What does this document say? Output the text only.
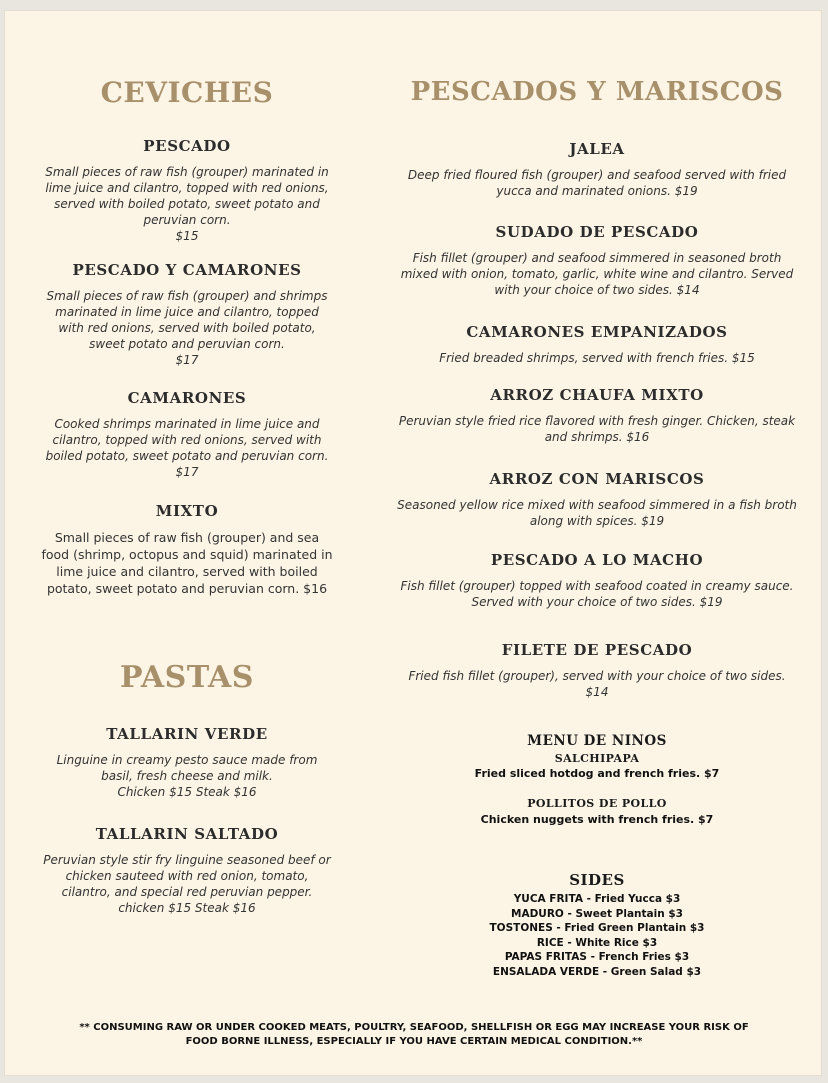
CEVICHES
PESCADO
Small pieces of raw fish (grouper) marinated in lime juice and cilantro, topped with red onions, served with boiled potato, sweet potato and peruvian corn.
$15
PESCADO Y CAMARONES
Small pieces of raw fish (grouper) and shrimps marinated in lime juice and cilantro, topped with red onions, served with boiled potato, sweet potato and peruvian corn.
$17
CAMARONES
Cooked shrimps marinated in lime juice and cilantro, topped with red onions, served with boiled potato, sweet potato and peruvian corn. $17
MIXTO
Small pieces of raw fish (grouper) and sea food (shrimp, octopus and squid) marinated in lime juice and cilantro, served with boiled potato, sweet potato and peruvian corn. $16
PASTAS
TALLARIN VERDE
Linguine in creamy pesto sauce made from basil, fresh cheese and milk.
Chicken $15 Steak $16
TALLARIN SALTADO
Peruvian style stir fry linguine seasoned beef or chicken sauteed with red onion, tomato, cilantro, and special red peruvian pepper.
chicken $15 Steak $16
PESCADOS Y MARISCOS
JALEA
Deep fried floured fish (grouper) and seafood served with fried yucca and marinated onions. $19
SUDADO DE PESCADO
Fish fillet (grouper) and seafood simmered in seasoned broth mixed with onion, tomato, garlic, white wine and cilantro. Served with your choice of two sides. $14
CAMARONES EMPANIZADOS
Fried breaded shrimps, served with french fries. $15
ARROZ CHAUFA MIXTO
Peruvian style fried rice flavored with fresh ginger. Chicken, steak and shrimps. $16
ARROZ CON MARISCOS
Seasoned yellow rice mixed with seafood simmered in a fish broth along with spices. $19
PESCADO A LO MACHO
Fish fillet (grouper) topped with seafood coated in creamy sauce. Served with your choice of two sides. $19
FILETE DE PESCADO
Fried fish fillet (grouper), served with your choice of two sides.
$14
MENU DE NINOS
SALCHIPAPA
Fried sliced hotdog and french fries. $7
POLLITOS DE POLLO
Chicken nuggets with french fries. $7
SIDES
YUCA FRITA - Fried Yucca $3
MADURO - Sweet Plantain $3
TOSTONES - Fried Green Plantain $3
RICE - White Rice $3
PAPAS FRITAS - French Fries $3
ENSALADA VERDE - Green Salad $3
** CONSUMING RAW OR UNDER COOKED MEATS, POULTRY, SEAFOOD, SHELLFISH OR EGG MAY INCREASE YOUR RISK OF
FOOD BORNE ILLNESS, ESPECIALLY IF YOU HAVE CERTAIN MEDICAL CONDITION.**
